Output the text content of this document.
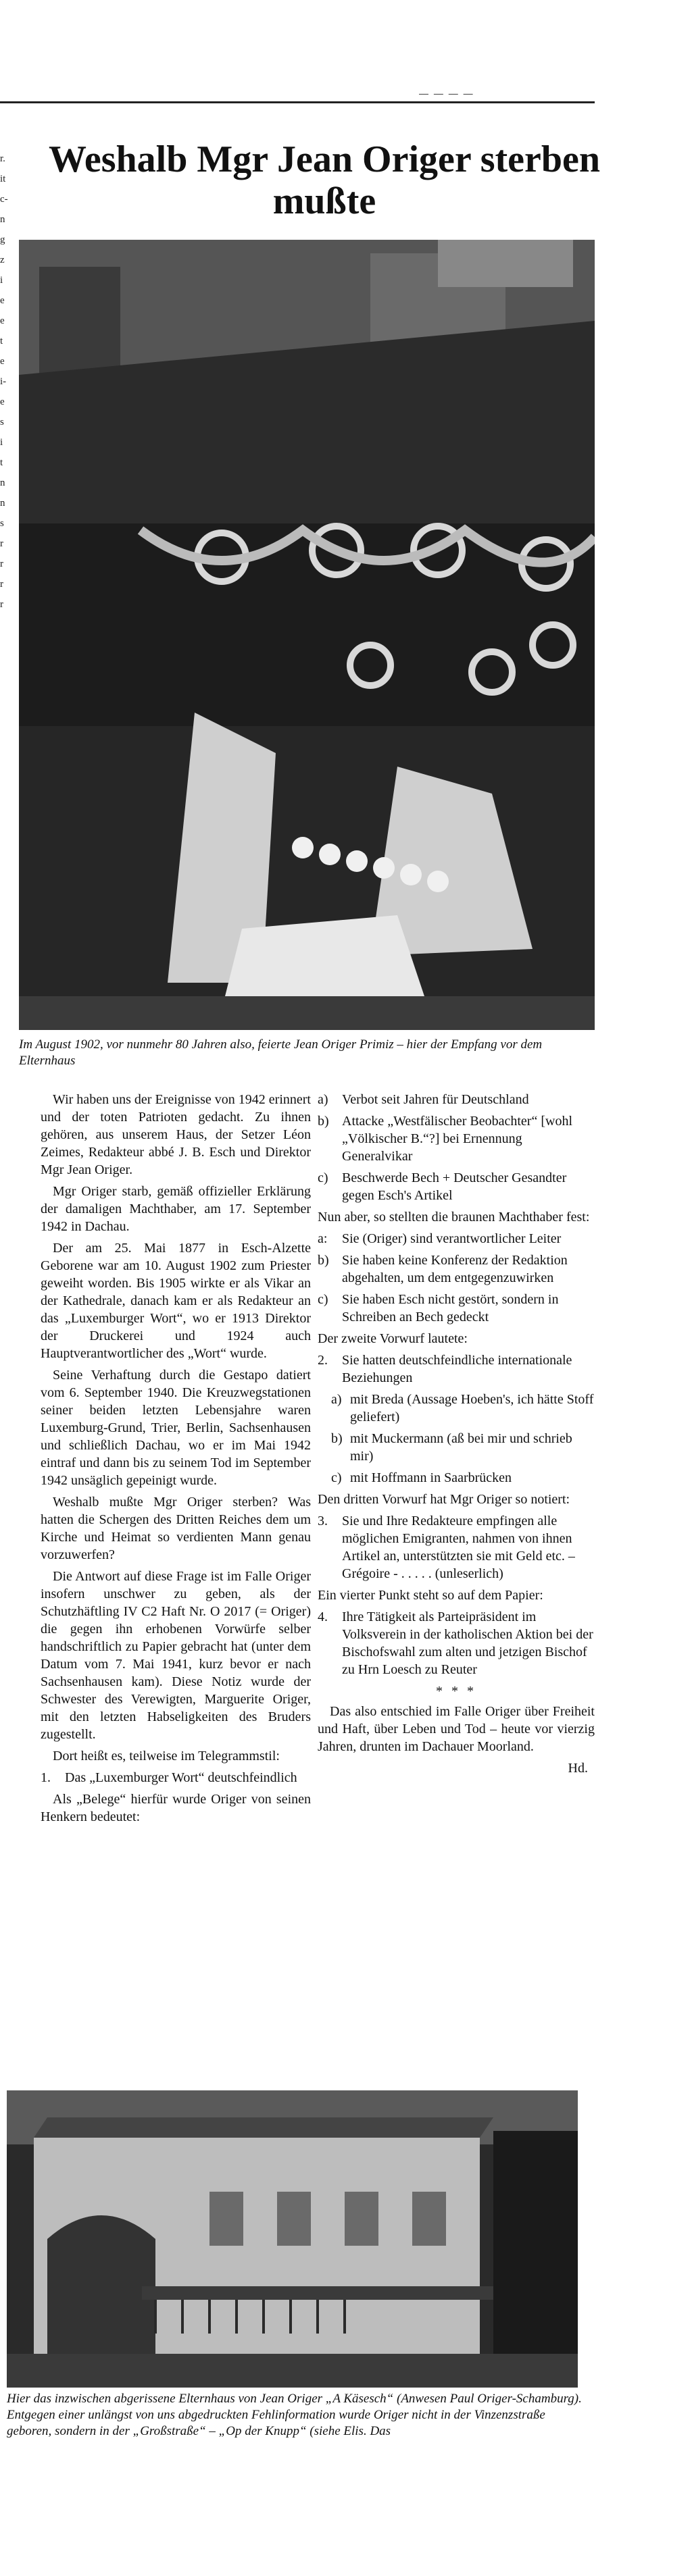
— — — —
r.
it
c-
n
g
z
i
e
e
t
e
i-
e
s
i
t
n
n
s
r
r
r
r
Weshalb Mgr Jean Origer sterben mußte
Im August 1902, vor nunmehr 80 Jahren also, feierte Jean Origer Primiz – hier der Empfang vor dem Elternhaus

Wir haben uns der Ereignisse von 1942 erinnert und der toten Patrioten gedacht. Zu ihnen gehören, aus unserem Haus, der Setzer Léon Zeimes, Redakteur abbé J. B. Esch und Direktor Mgr Jean Origer.

Mgr Origer starb, gemäß offizieller Erklärung der damaligen Machthaber, am 17. September 1942 in Dachau.

Der am 25. Mai 1877 in Esch-Alzette Geborene war am 10. August 1902 zum Priester geweiht worden. Bis 1905 wirkte er als Vikar an der Kathedrale, danach kam er als Redakteur an das „Luxemburger Wort“, wo er 1913 Direktor der Druckerei und 1924 auch Hauptverantwortlicher des „Wort“ wurde.

Seine Verhaftung durch die Gestapo datiert vom 6. September 1940. Die Kreuzwegstationen seiner beiden letzten Lebensjahre waren Luxemburg-Grund, Trier, Berlin, Sachsenhausen und schließlich Dachau, wo er im Mai 1942 eintraf und dann bis zu seinem Tod im September 1942 unsäglich gepeinigt wurde.

Weshalb mußte Mgr Origer sterben? Was hatten die Schergen des Dritten Reiches dem um Kirche und Heimat so verdienten Mann genau vorzuwerfen?

Die Antwort auf diese Frage ist im Falle Origer insofern unschwer zu geben, als der Schutzhäftling IV C2 Haft Nr. O 2017 (= Origer) die gegen ihn erhobenen Vorwürfe selber handschriftlich zu Papier gebracht hat (unter dem Datum vom 7. Mai 1941, kurz bevor er nach Sachsenhausen kam). Diese Notiz wurde der Schwester des Verewigten, Marguerite Origer, mit den letzten Habseligkeiten des Bruders zugestellt.

Dort heißt es, teilweise im Telegrammstil:

1.	Das „Luxemburger Wort“ deutschfeindlich

Als „Belege“ hierfür wurde Origer von seinen Henkern bedeutet:

a)	Verbot seit Jahren für Deutschland
b) Attacke „Westfälischer Beobachter“ [wohl „Völkischer B.“?] bei Ernennung Generalvikar
c)	Beschwerde Bech + Deutscher Gesandter gegen Esch's Artikel

Nun aber, so stellten die braunen Machthaber fest:

a:	Sie (Origer) sind verantwortlicher Leiter
b) Sie haben keine Konferenz der Redaktion abgehalten, um dem entgegenzuwirken
c)	Sie haben Esch nicht gestört, sondern in Schreiben an Bech gedeckt

Der zweite Vorwurf lautete:

2.	Sie hatten deutschfeindliche internationale Beziehungen
a) mit Breda (Aussage Hoeben's, ich hätte Stoff geliefert)
b) mit Muckermann (aß bei mir und schrieb mir)
c) mit Hoffmann in Saarbrücken

Den dritten Vorwurf hat Mgr Origer so notiert:

3.	Sie und Ihre Redakteure empfingen alle möglichen Emigranten, nahmen von ihnen Artikel an, unterstützten sie mit Geld etc. – Grégoire - . . . . . (unleserlich)

Ein vierter Punkt steht so auf dem Papier:

4.	Ihre Tätigkeit als Parteipräsident im Volksverein in der katholischen Aktion bei der Bischofswahl zum alten und jetzigen Bischof zu Hrn Loesch zu Reuter
* * *

Das also entschied im Falle Origer über Freiheit und Haft, über Leben und Tod – heute vor vierzig Jahren, drunten im Dachauer Moorland.

Hd.
Hier das inzwischen abgerissene Elternhaus von Jean Origer „A Käsesch“ (Anwesen Paul Origer-Schamburg). Entgegen einer unlängst von uns abgedruckten Fehlinformation wurde Origer nicht in der Vinzenzstraße geboren, sondern in der „Großstraße“ – „Op der Knupp“ (siehe Elis. Das
